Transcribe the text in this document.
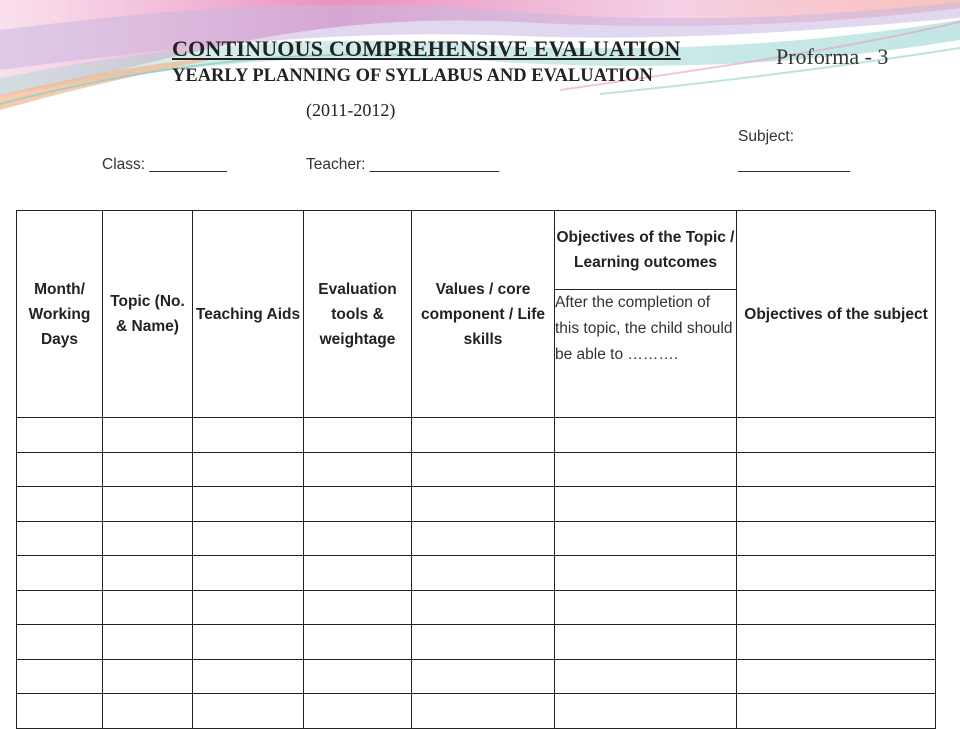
CONTINUOUS COMPREHENSIVE EVALUATION	Proforma - 3
YEARLY PLANNING OF SYLLABUS AND EVALUATION
(2011-2012)
Class: _________	Teacher: _______________
Subject:
_____________
Month/ Working Days	Topic (No. & Name)	Teaching Aids	Evaluation tools & weightage	Values / core component / Life skills	Objectives of the Topic / Learning outcomes	Objectives of the subject
					After the completion of this topic, the child should be able to ……….	
